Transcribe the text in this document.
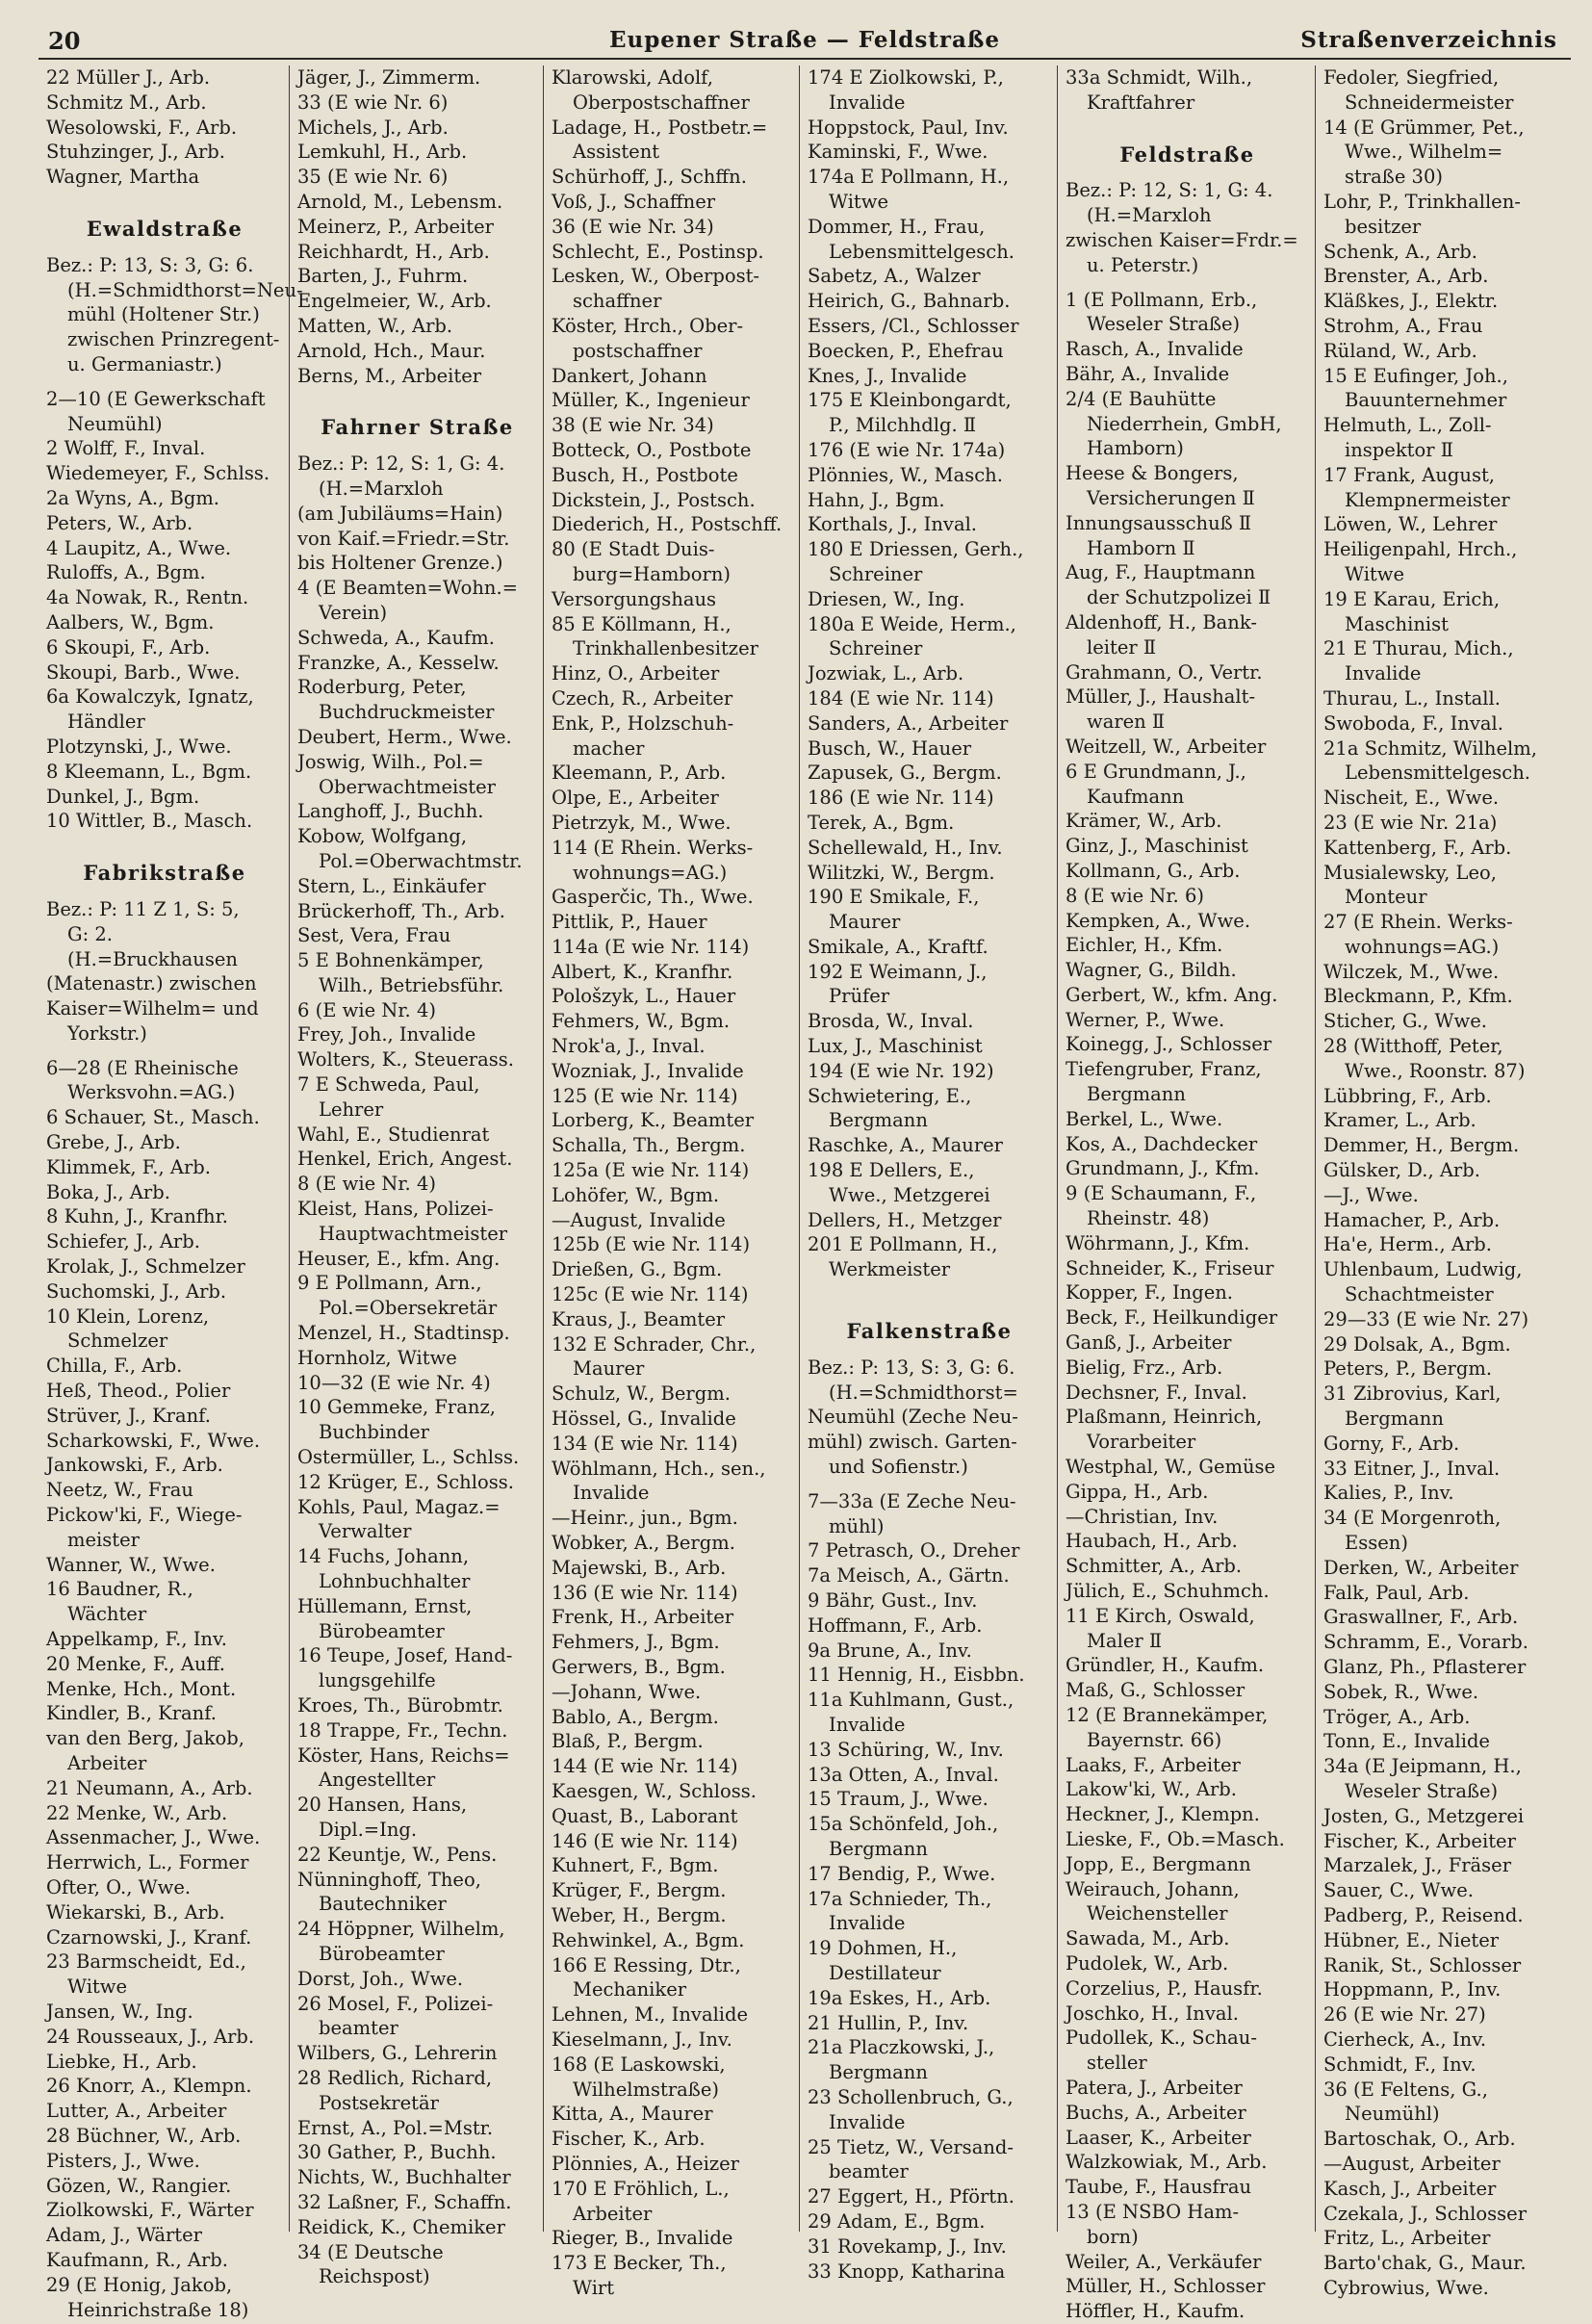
20	Eupener Straße — Feldstraße	Straßenverzeichnis
22 Müller J., Arb.
Schmitz M., Arb.
Wesolowski, F., Arb.
Stuhzinger, J., Arb.
Wagner, Martha
Ewaldstraße
Bez.: P: 13, S: 3, G: 6.
(H.=Schmidthorst=Neu-
mühl (Holtener Str.)
zwischen Prinzregent-
u. Germaniastr.)
2—10 (E Gewerkschaft
Neumühl)
2 Wolff, F., Inval.
Wiedemeyer, F., Schlss.
2a Wyns, A., Bgm.
Peters, W., Arb.
4 Laupitz, A., Wwe.
Ruloffs, A., Bgm.
4a Nowak, R., Rentn.
Aalbers, W., Bgm.
6 Skoupi, F., Arb.
Skoupi, Barb., Wwe.
6a Kowalczyk, Ignatz,
Händler
Plotzynski, J., Wwe.
8 Kleemann, L., Bgm.
Dunkel, J., Bgm.
10 Wittler, B., Masch.
Fabrikstraße
Bez.: P: 11 Z 1, S: 5,
G: 2.
(H.=Bruckhausen
(Matenastr.) zwischen
Kaiser=Wilhelm= und
Yorkstr.)
6—28 (E Rheinische
Werksvohn.=AG.)
6 Schauer, St., Masch.
Grebe, J., Arb.
Klimmek, F., Arb.
Boka, J., Arb.
8 Kuhn, J., Kranfhr.
Schiefer, J., Arb.
Krolak, J., Schmelzer
Suchomski, J., Arb.
10 Klein, Lorenz,
Schmelzer
Chilla, F., Arb.
Heß, Theod., Polier
Strüver, J., Kranf.
Scharkowski, F., Wwe.
Jankowski, F., Arb.
Neetz, W., Frau
Pickow'ki, F., Wiege-
meister
Wanner, W., Wwe.
16 Baudner, R.,
Wächter
Appelkamp, F., Inv.
20 Menke, F., Auff.
Menke, Hch., Mont.
Kindler, B., Kranf.
van den Berg, Jakob,
Arbeiter
21 Neumann, A., Arb.
22 Menke, W., Arb.
Assenmacher, J., Wwe.
Herrwich, L., Former
Ofter, O., Wwe.
Wiekarski, B., Arb.
Czarnowski, J., Kranf.
23 Barmscheidt, Ed.,
Witwe
Jansen, W., Ing.
24 Rousseaux, J., Arb.
Liebke, H., Arb.
26 Knorr, A., Klempn.
Lutter, A., Arbeiter
28 Büchner, W., Arb.
Pisters, J., Wwe.
Gözen, W., Rangier.
Ziolkowski, F., Wärter
Adam, J., Wärter
Kaufmann, R., Arb.
29 (E Honig, Jakob,
Heinrichstraße 18)
Jäger, J., Zimmerm.
33 (E wie Nr. 6)
Michels, J., Arb.
Lemkuhl, H., Arb.
35 (E wie Nr. 6)
Arnold, M., Lebensm.
Meinerz, P., Arbeiter
Reichhardt, H., Arb.
Barten, J., Fuhrm.
Engelmeier, W., Arb.
Matten, W., Arb.
Arnold, Hch., Maur.
Berns, M., Arbeiter
Fahrner Straße
Bez.: P: 12, S: 1, G: 4.
(H.=Marxloh
(am Jubiläums=Hain)
von Kaif.=Friedr.=Str.
bis Holtener Grenze.)
4 (E Beamten=Wohn.=
Verein)
Schweda, A., Kaufm.
Franzke, A., Kesselw.
Roderburg, Peter,
Buchdruckmeister
Deubert, Herm., Wwe.
Joswig, Wilh., Pol.=
Oberwachtmeister
Langhoff, J., Buchh.
Kobow, Wolfgang,
Pol.=Oberwachtmstr.
Stern, L., Einkäufer
Brückerhoff, Th., Arb.
Sest, Vera, Frau
5 E Bohnenkämper,
Wilh., Betriebsführ.
6 (E wie Nr. 4)
Frey, Joh., Invalide
Wolters, K., Steuerass.
7 E Schweda, Paul,
Lehrer
Wahl, E., Studienrat
Henkel, Erich, Angest.
8 (E wie Nr. 4)
Kleist, Hans, Polizei-
Hauptwachtmeister
Heuser, E., kfm. Ang.
9 E Pollmann, Arn.,
Pol.=Obersekretär
Menzel, H., Stadtinsp.
Hornholz, Witwe
10—32 (E wie Nr. 4)
10 Gemmeke, Franz,
Buchbinder
Ostermüller, L., Schlss.
12 Krüger, E., Schloss.
Kohls, Paul, Magaz.=
Verwalter
14 Fuchs, Johann,
Lohnbuchhalter
Hüllemann, Ernst,
Bürobeamter
16 Teupe, Josef, Hand-
lungsgehilfe
Kroes, Th., Bürobmtr.
18 Trappe, Fr., Techn.
Köster, Hans, Reichs=
Angestellter
20 Hansen, Hans,
Dipl.=Ing.
22 Keuntje, W., Pens.
Nünninghoff, Theo,
Bautechniker
24 Höppner, Wilhelm,
Bürobeamter
Dorst, Joh., Wwe.
26 Mosel, F., Polizei-
beamter
Wilbers, G., Lehrerin
28 Redlich, Richard,
Postsekretär
Ernst, A., Pol.=Mstr.
30 Gather, P., Buchh.
Nichts, W., Buchhalter
32 Laßner, F., Schaffn.
Reidick, K., Chemiker
34 (E Deutsche
Reichspost)
Klarowski, Adolf,
Oberpostschaffner
Ladage, H., Postbetr.=
Assistent
Schürhoff, J., Schffn.
Voß, J., Schaffner
36 (E wie Nr. 34)
Schlecht, E., Postinsp.
Lesken, W., Oberpost-
schaffner
Köster, Hrch., Ober-
postschaffner
Dankert, Johann
Müller, K., Ingenieur
38 (E wie Nr. 34)
Botteck, O., Postbote
Busch, H., Postbote
Dickstein, J., Postsch.
Diederich, H., Postschff.
80 (E Stadt Duis-
burg=Hamborn)
Versorgungshaus
85 E Köllmann, H.,
Trinkhallenbesitzer
Hinz, O., Arbeiter
Czech, R., Arbeiter
Enk, P., Holzschuh-
macher
Kleemann, P., Arb.
Olpe, E., Arbeiter
Pietrzyk, M., Wwe.
114 (E Rhein. Werks-
wohnungs=AG.)
Gasperčic, Th., Wwe.
Pittlik, P., Hauer
114a (E wie Nr. 114)
Albert, K., Kranfhr.
Pološzyk, L., Hauer
Fehmers, W., Bgm.
Nrok'a, J., Inval.
Wozniak, J., Invalide
125 (E wie Nr. 114)
Lorberg, K., Beamter
Schalla, Th., Bergm.
125a (E wie Nr. 114)
Lohöfer, W., Bgm.
—August, Invalide
125b (E wie Nr. 114)
Drießen, G., Bgm.
125c (E wie Nr. 114)
Kraus, J., Beamter
132 E Schrader, Chr.,
Maurer
Schulz, W., Bergm.
Hössel, G., Invalide
134 (E wie Nr. 114)
Wöhlmann, Hch., sen.,
Invalide
—Heinr., jun., Bgm.
Wobker, A., Bergm.
Majewski, B., Arb.
136 (E wie Nr. 114)
Frenk, H., Arbeiter
Fehmers, J., Bgm.
Gerwers, B., Bgm.
—Johann, Wwe.
Bablo, A., Bergm.
Blaß, P., Bergm.
144 (E wie Nr. 114)
Kaesgen, W., Schloss.
Quast, B., Laborant
146 (E wie Nr. 114)
Kuhnert, F., Bgm.
Krüger, F., Bergm.
Weber, H., Bergm.
Rehwinkel, A., Bgm.
166 E Ressing, Dtr.,
Mechaniker
Lehnen, M., Invalide
Kieselmann, J., Inv.
168 (E Laskowski,
Wilhelmstraße)
Kitta, A., Maurer
Fischer, K., Arb.
Plönnies, A., Heizer
170 E Fröhlich, L.,
Arbeiter
Rieger, B., Invalide
173 E Becker, Th.,
Wirt
174 E Ziolkowski, P.,
Invalide
Hoppstock, Paul, Inv.
Kaminski, F., Wwe.
174a E Pollmann, H.,
Witwe
Dommer, H., Frau,
Lebensmittelgesch.
Sabetz, A., Walzer
Heirich, G., Bahnarb.
Essers, /Cl., Schlosser
Boecken, P., Ehefrau
Knes, J., Invalide
175 E Kleinbongardt,
P., Milchhdlg. Ⅱ
176 (E wie Nr. 174a)
Plönnies, W., Masch.
Hahn, J., Bgm.
Korthals, J., Inval.
180 E Driessen, Gerh.,
Schreiner
Driesen, W., Ing.
180a E Weide, Herm.,
Schreiner
Jozwiak, L., Arb.
184 (E wie Nr. 114)
Sanders, A., Arbeiter
Busch, W., Hauer
Zapusek, G., Bergm.
186 (E wie Nr. 114)
Terek, A., Bgm.
Schellewald, H., Inv.
Wilitzki, W., Bergm.
190 E Smikale, F.,
Maurer
Smikale, A., Kraftf.
192 E Weimann, J.,
Prüfer
Brosda, W., Inval.
Lux, J., Maschinist
194 (E wie Nr. 192)
Schwietering, E.,
Bergmann
Raschke, A., Maurer
198 E Dellers, E.,
Wwe., Metzgerei
Dellers, H., Metzger
201 E Pollmann, H.,
Werkmeister
Falkenstraße
Bez.: P: 13, S: 3, G: 6.
(H.=Schmidthorst=
Neumühl (Zeche Neu-
mühl) zwisch. Garten-
und Sofienstr.)
7—33a (E Zeche Neu-
mühl)
7 Petrasch, O., Dreher
7a Meisch, A., Gärtn.
9 Bähr, Gust., Inv.
Hoffmann, F., Arb.
9a Brune, A., Inv.
11 Hennig, H., Eisbbn.
11a Kuhlmann, Gust.,
Invalide
13 Schüring, W., Inv.
13a Otten, A., Inval.
15 Traum, J., Wwe.
15a Schönfeld, Joh.,
Bergmann
17 Bendig, P., Wwe.
17a Schnieder, Th.,
Invalide
19 Dohmen, H.,
Destillateur
19a Eskes, H., Arb.
21 Hullin, P., Inv.
21a Placzkowski, J.,
Bergmann
23 Schollenbruch, G.,
Invalide
25 Tietz, W., Versand-
beamter
27 Eggert, H., Pförtn.
29 Adam, E., Bgm.
31 Rovekamp, J., Inv.
33 Knopp, Katharina
33a Schmidt, Wilh.,
Kraftfahrer
Feldstraße
Bez.: P: 12, S: 1, G: 4.
(H.=Marxloh
zwischen Kaiser=Frdr.=
u. Peterstr.)
1 (E Pollmann, Erb.,
Weseler Straße)
Rasch, A., Invalide
Bähr, A., Invalide
2/4 (E Bauhütte
Niederrhein, GmbH,
Hamborn)
Heese & Bongers,
Versicherungen Ⅱ
Innungsausschuß Ⅱ
Hamborn Ⅱ
Aug, F., Hauptmann
der Schutzpolizei Ⅱ
Aldenhoff, H., Bank-
leiter Ⅱ
Grahmann, O., Vertr.
Müller, J., Haushalt-
waren Ⅱ
Weitzell, W., Arbeiter
6 E Grundmann, J.,
Kaufmann
Krämer, W., Arb.
Ginz, J., Maschinist
Kollmann, G., Arb.
8 (E wie Nr. 6)
Kempken, A., Wwe.
Eichler, H., Kfm.
Wagner, G., Bildh.
Gerbert, W., kfm. Ang.
Werner, P., Wwe.
Koinegg, J., Schlosser
Tiefengruber, Franz,
Bergmann
Berkel, L., Wwe.
Kos, A., Dachdecker
Grundmann, J., Kfm.
9 (E Schaumann, F.,
Rheinstr. 48)
Wöhrmann, J., Kfm.
Schneider, K., Friseur
Kopper, F., Ingen.
Beck, F., Heilkundiger
Ganß, J., Arbeiter
Bielig, Frz., Arb.
Dechsner, F., Inval.
Plaßmann, Heinrich,
Vorarbeiter
Westphal, W., Gemüse
Gippa, H., Arb.
—Christian, Inv.
Haubach, H., Arb.
Schmitter, A., Arb.
Jülich, E., Schuhmch.
11 E Kirch, Oswald,
Maler Ⅱ
Gründler, H., Kaufm.
Maß, G., Schlosser
12 (E Brannekämper,
Bayernstr. 66)
Laaks, F., Arbeiter
Lakow'ki, W., Arb.
Heckner, J., Klempn.
Lieske, F., Ob.=Masch.
Jopp, E., Bergmann
Weirauch, Johann,
Weichensteller
Sawada, M., Arb.
Pudolek, W., Arb.
Corzelius, P., Hausfr.
Joschko, H., Inval.
Pudollek, K., Schau-
steller
Patera, J., Arbeiter
Buchs, A., Arbeiter
Laaser, K., Arbeiter
Walzkowiak, M., Arb.
Taube, F., Hausfrau
13 (E NSBO Ham-
born)
Weiler, A., Verkäufer
Müller, H., Schlosser
Höffler, H., Kaufm.
Fedoler, Siegfried,
Schneidermeister
14 (E Grümmer, Pet.,
Wwe., Wilhelm=
straße 30)
Lohr, P., Trinkhallen-
besitzer
Schenk, A., Arb.
Brenster, A., Arb.
Kläßkes, J., Elektr.
Strohm, A., Frau
Rüland, W., Arb.
15 E Eufinger, Joh.,
Bauunternehmer
Helmuth, L., Zoll-
inspektor Ⅱ
17 Frank, August,
Klempnermeister
Löwen, W., Lehrer
Heiligenpahl, Hrch.,
Witwe
19 E Karau, Erich,
Maschinist
21 E Thurau, Mich.,
Invalide
Thurau, L., Install.
Swoboda, F., Inval.
21a Schmitz, Wilhelm,
Lebensmittelgesch.
Nischeit, E., Wwe.
23 (E wie Nr. 21a)
Kattenberg, F., Arb.
Musialewsky, Leo,
Monteur
27 (E Rhein. Werks-
wohnungs=AG.)
Wilczek, M., Wwe.
Bleckmann, P., Kfm.
Sticher, G., Wwe.
28 (Witthoff, Peter,
Wwe., Roonstr. 87)
Lübbring, F., Arb.
Kramer, L., Arb.
Demmer, H., Bergm.
Gülsker, D., Arb.
—J., Wwe.
Hamacher, P., Arb.
Ha'e, Herm., Arb.
Uhlenbaum, Ludwig,
Schachtmeister
29—33 (E wie Nr. 27)
29 Dolsak, A., Bgm.
Peters, P., Bergm.
31 Zibrovius, Karl,
Bergmann
Gorny, F., Arb.
33 Eitner, J., Inval.
Kalies, P., Inv.
34 (E Morgenroth,
Essen)
Derken, W., Arbeiter
Falk, Paul, Arb.
Graswallner, F., Arb.
Schramm, E., Vorarb.
Glanz, Ph., Pflasterer
Sobek, R., Wwe.
Tröger, A., Arb.
Tonn, E., Invalide
34a (E Jeipmann, H.,
Weseler Straße)
Josten, G., Metzgerei
Fischer, K., Arbeiter
Marzalek, J., Fräser
Sauer, C., Wwe.
Padberg, P., Reisend.
Hübner, E., Nieter
Ranik, St., Schlosser
Hoppmann, P., Inv.
26 (E wie Nr. 27)
Cierheck, A., Inv.
Schmidt, F., Inv.
36 (E Feltens, G.,
Neumühl)
Bartoschak, O., Arb.
—August, Arbeiter
Kasch, J., Arbeiter
Czekala, J., Schlosser
Fritz, L., Arbeiter
Barto'chak, G., Maur.
Cybrowius, Wwe.
